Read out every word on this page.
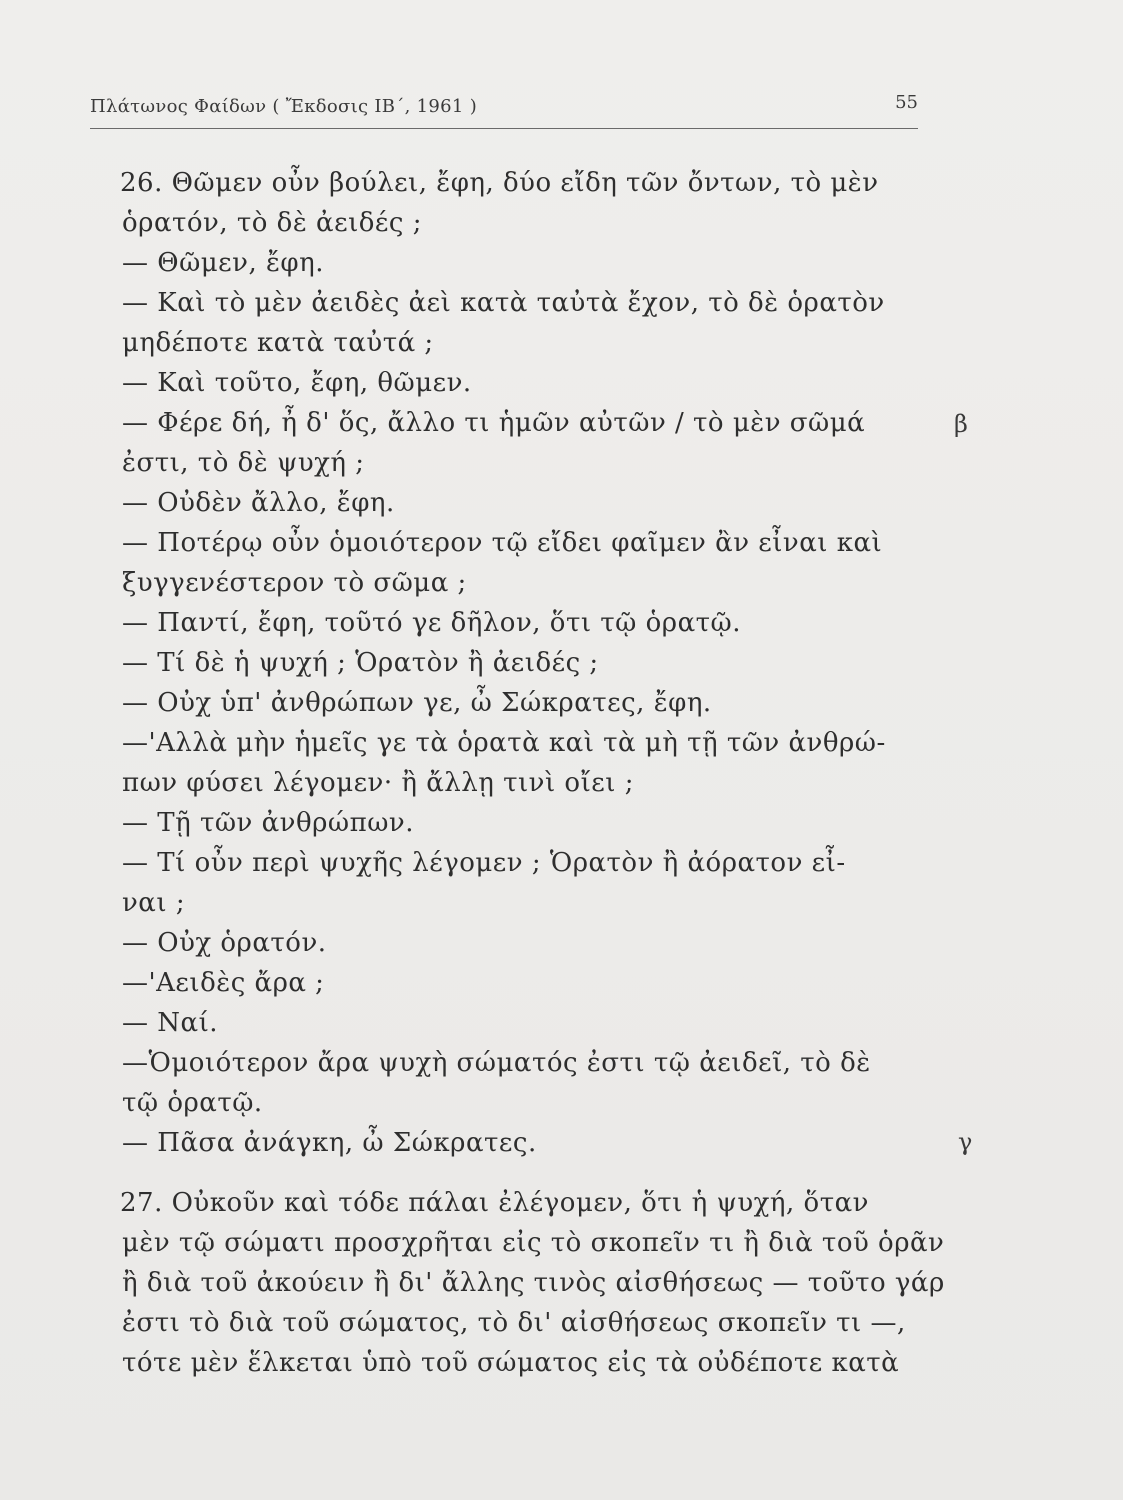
Πλάτωνος Φαίδων ( Ἔκδοσις ΙΒ΄, 1961 )	55
26. Θῶμεν οὖν βούλει, ἔφη, δύο εἴδη τῶν ὄντων, τὸ μὲν
ὁρατόν, τὸ δὲ ἀειδές ;
— Θῶμεν, ἔφη.
— Καὶ τὸ μὲν ἀειδὲς ἀεὶ κατὰ ταὐτὰ ἔχον, τὸ δὲ ὁρατὸν
μηδέποτε κατὰ ταὐτά ;
— Καὶ τοῦτο, ἔφη, θῶμεν.
— Φέρε δή, ἦ δ' ὅς, ἄλλο τι ἡμῶν αὐτῶν / τὸ μὲν σῶμά
ἐστι, τὸ δὲ ψυχή ;
— Οὐδὲν ἄλλο, ἔφη.
— Ποτέρῳ οὖν ὁμοιότερον τῷ εἴδει φαῖμεν ἂν εἶναι καὶ
ξυγγενέστερον τὸ σῶμα ;
— Παντί, ἔφη, τοῦτό γε δῆλον, ὅτι τῷ ὁρατῷ.
— Τί δὲ ἡ ψυχή ; Ὁρατὸν ἢ ἀειδές ;
— Οὐχ ὑπ' ἀνθρώπων γε, ὦ Σώκρατες, ἔφη.
—'Αλλὰ μὴν ἡμεῖς γε τὰ ὁρατὰ καὶ τὰ μὴ τῇ τῶν ἀνθρώ-
πων φύσει λέγομεν· ἢ ἄλλῃ τινὶ οἴει ;
— Τῇ τῶν ἀνθρώπων.
— Τί οὖν περὶ ψυχῆς λέγομεν ; Ὁρατὸν ἢ ἀόρατον εἶ-
ναι ;
— Οὐχ ὁρατόν.
—'Αειδὲς ἄρα ;
— Ναί.
—Ὁμοιότερον ἄρα ψυχὴ σώματός ἐστι τῷ ἀειδεῖ, τὸ δὲ
τῷ ὁρατῷ.
— Πᾶσα ἀνάγκη, ὦ Σώκρατες.
27. Οὐκοῦν καὶ τόδε πάλαι ἐλέγομεν, ὅτι ἡ ψυχή, ὅταν
μὲν τῷ σώματι προσχρῆται εἰς τὸ σκοπεῖν τι ἢ διὰ τοῦ ὁρᾶν
ἢ διὰ τοῦ ἀκούειν ἢ δι' ἄλλης τινὸς αἰσθήσεως — τοῦτο γάρ
ἐστι τὸ διὰ τοῦ σώματος, τὸ δι' αἰσθήσεως σκοπεῖν τι —,
τότε μὲν ἕλκεται ὑπὸ τοῦ σώματος εἰς τὰ οὐδέποτε κατὰ
β
γ
